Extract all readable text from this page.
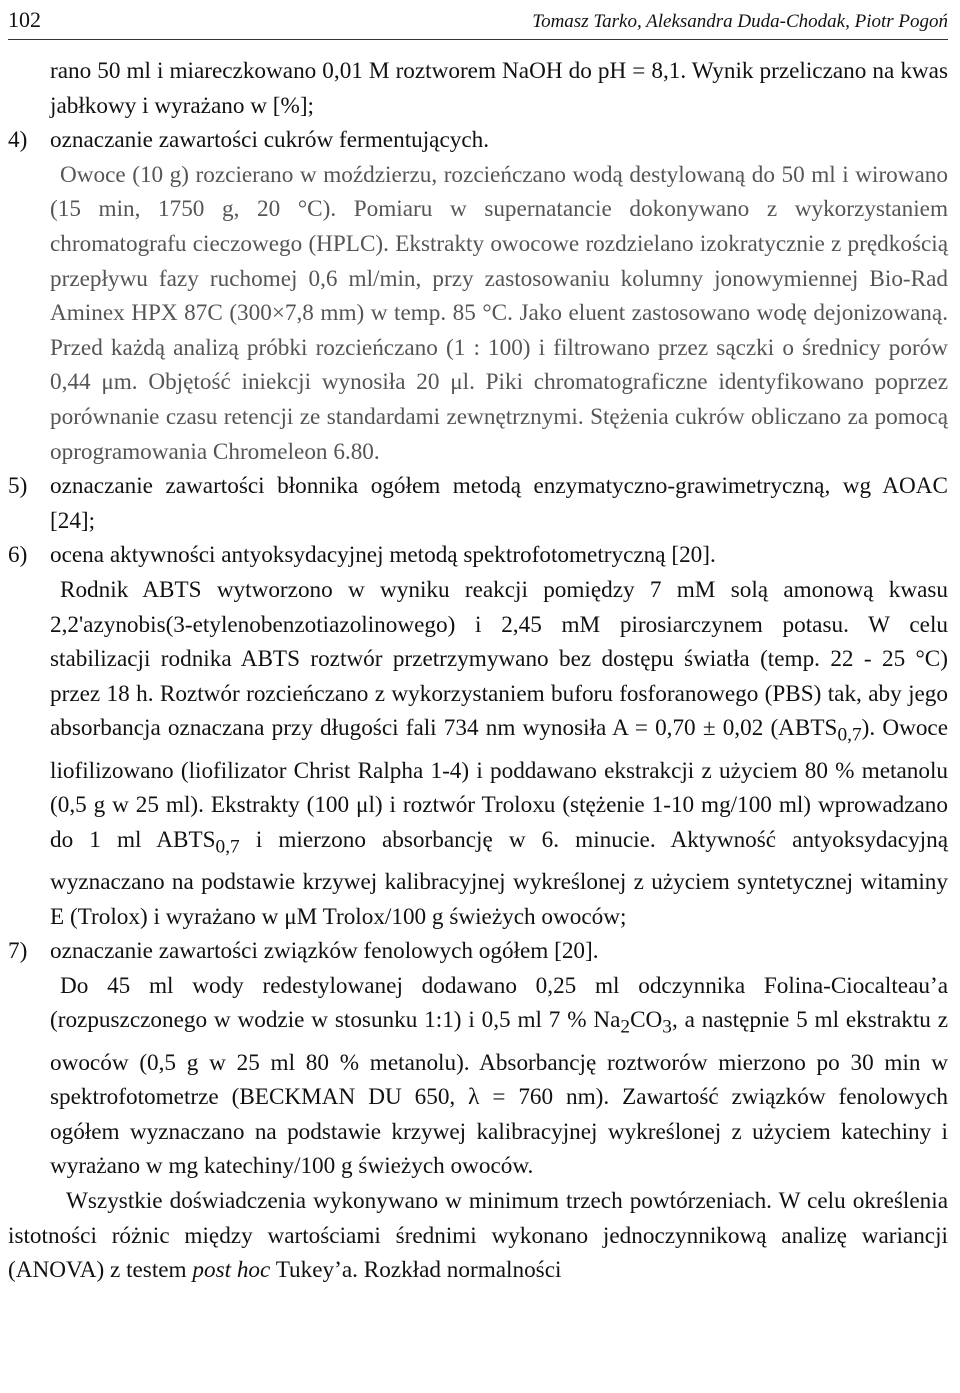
102	Tomasz Tarko, Aleksandra Duda-Chodak, Piotr Pogoń

rano 50 ml i miareczkowano 0,01 M roztworem NaOH do pH = 8,1. Wynik przeliczano na kwas jabłkowy i wyrażano w [%];

4) oznaczanie zawartości cukrów fermentujących.

Owoce (10 g) rozcierano w moździerzu, rozcieńczano wodą destylowaną do 50 ml i wirowano (15 min, 1750 g, 20 °C). Pomiaru w supernatancie dokonywano z wykorzystaniem chromatografu cieczowego (HPLC). Ekstrakty owocowe rozdzielano izokratycznie z prędkością przepływu fazy ruchomej 0,6 ml/min, przy zastosowaniu kolumny jonowymiennej Bio-Rad Aminex HPX 87C (300×7,8 mm) w temp. 85 °C. Jako eluent zastosowano wodę dejonizowaną. Przed każdą analizą próbki rozcieńczano (1 : 100) i filtrowano przez sączki o średnicy porów 0,44 μm. Objętość iniekcji wynosiła 20 μl. Piki chromatograficzne identyfikowano poprzez porównanie czasu retencji ze standardami zewnętrznymi. Stężenia cukrów obliczano za pomocą oprogramowania Chromeleon 6.80.

5) oznaczanie zawartości błonnika ogółem metodą enzymatyczno-grawimetryczną, wg AOAC [24];
6) ocena aktywności antyoksydacyjnej metodą spektrofotometryczną [20].

Rodnik ABTS wytworzono w wyniku reakcji pomiędzy 7 mM solą amonową kwasu 2,2'azynobis(3-etylenobenzotiazolinowego) i 2,45 mM pirosiarczynem potasu. W celu stabilizacji rodnika ABTS roztwór przetrzymywano bez dostępu światła (temp. 22 - 25 °C) przez 18 h. Roztwór rozcieńczano z wykorzystaniem buforu fosforanowego (PBS) tak, aby jego absorbancja oznaczana przy długości fali 734 nm wynosiła A = 0,70 ± 0,02 $(ABTS_{0,7})$. Owoce liofilizowano (liofilizator Christ Ralpha 1-4) i poddawano ekstrakcji z użyciem 80 % metanolu (0,5 g w 25 ml). Ekstrakty (100 μl) i roztwór Troloxu (stężenie 1-10 mg/100 ml) wprowadzano do 1 ml $ABTS_{0,7}$ i mierzono absorbancję w 6. minucie. Aktywność antyoksydacyjną wyznaczano na podstawie krzywej kalibracyjnej wykreślonej z użyciem syntetycznej witaminy E (Trolox) i wyrażano w μM Trolox/100 g świeżych owoców;

7) oznaczanie zawartości związków fenolowych ogółem [20].

Do 45 ml wody redestylowanej dodawano 0,25 ml odczynnika Folina-Ciocalteau’a (rozpuszczonego w wodzie w stosunku 1:1) i 0,5 ml 7 % $Na_2CO_3$, a następnie 5 ml ekstraktu z owoców (0,5 g w 25 ml 80 % metanolu). Absorbancję roztworów mierzono po 30 min w spektrofotometrze (BECKMAN DU 650, λ = 760 nm). Zawartość związków fenolowych ogółem wyznaczano na podstawie krzywej kalibracyjnej wykreślonej z użyciem katechiny i wyrażano w mg katechiny/100 g świeżych owoców.

Wszystkie doświadczenia wykonywano w minimum trzech powtórzeniach. W celu określenia istotności różnic między wartościami średnimi wykonano jednoczynnikową analizę wariancji (ANOVA) z testem post hoc Tukey’a. Rozkład normalności
